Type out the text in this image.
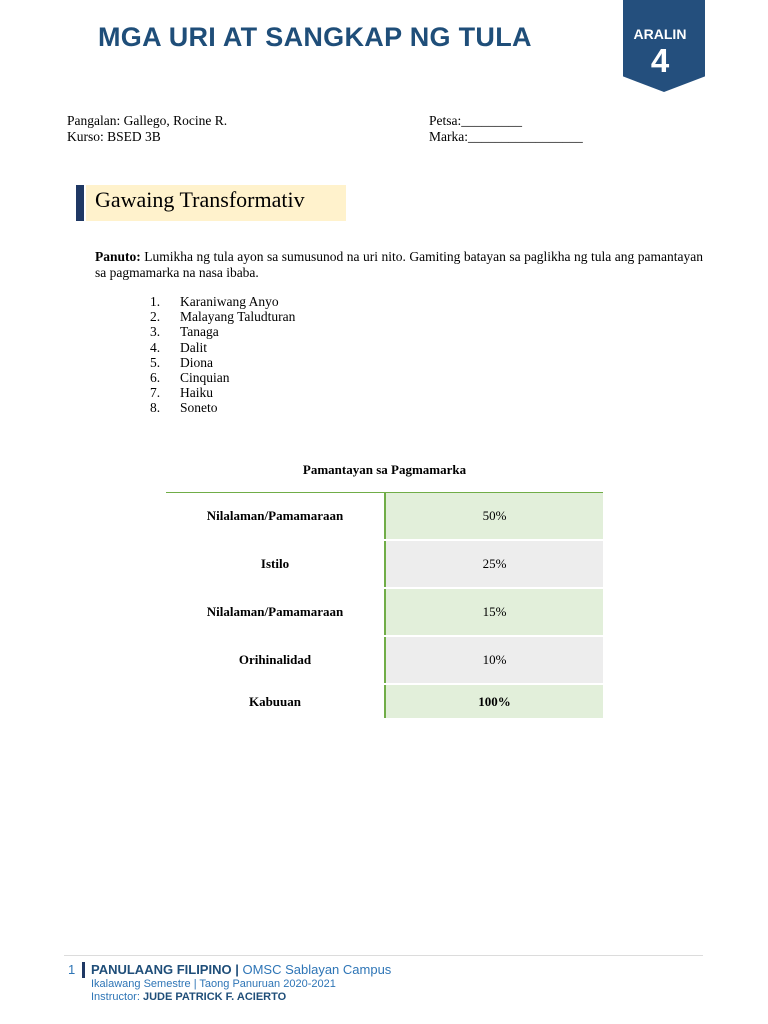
MGA URI AT SANGKAP NG TULA	ARALIN
4
Pangalan: Gallego, Rocine R.
Kurso: BSED 3B
Petsa:_________
Marka:_________________
Gawaing Transformativ
Panuto: Lumikha ng tula ayon sa sumusunod na uri nito. Gamiting batayan sa paglikha ng tula ang pamantayan sa pagmamarka na nasa ibaba.
1. Karaniwang Anyo
2. Malayang Taludturan
3. Tanaga
4. Dalit
5. Diona
6. Cinquian
7. Haiku
8. Soneto
Pamantayan sa Pagmamarka
Nilalaman/Pamamaraan	50%
Istilo	25%
Nilalaman/Pamamaraan	15%
Orihinalidad	10%
Kabuuan	100%
1 PANULAANG FILIPINO | OMSC Sablayan Campus
Ikalawang Semestre | Taong Panuruan 2020-2021
Instructor: JUDE PATRICK F. ACIERTO
